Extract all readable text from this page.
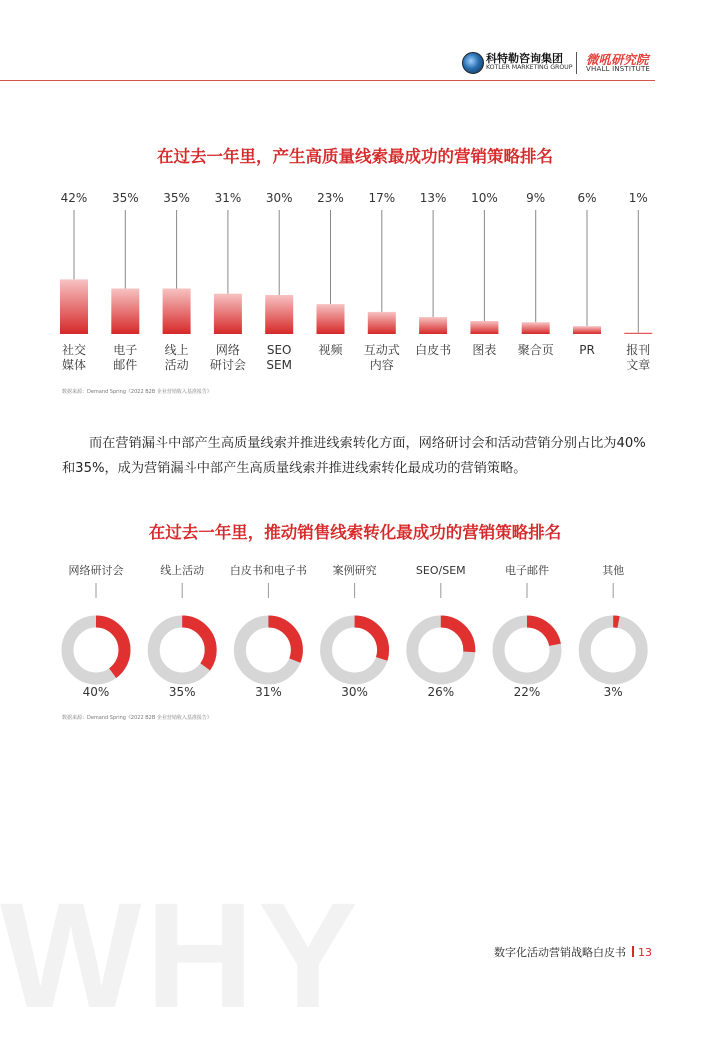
科特勒咨询集团
KOTLER MARKETING GROUP
微吼研究院
VHALL INSTITUTE
在过去一年里，产生高质量线索最成功的营销策略排名
42%
社交
媒体
35%
电子
邮件
35%
线上
活动
31%
网络
研讨会
30%
SEO
SEM
23%
视频
17%
互动式
内容
13%
白皮书
10%
图表
9%
聚合页
6%
PR
1%
报刊
文章
数据来源：Demand Spring《2022 B2B 企业营销收入基准报告》
而在营销漏斗中部产生高质量线索并推进线索转化方面，网络研讨会和活动营销分别占比为40%
和35%，成为营销漏斗中部产生高质量线索并推进线索转化最成功的营销策略。
在过去一年里，推动销售线索转化最成功的营销策略排名
网络研讨会
40%
线上活动
35%
白皮书和电子书
31%
案例研究
30%
SEO/SEM
26%
电子邮件
22%
其他
3%
数据来源：Demand Spring《2022 B2B 企业营销收入基准报告》
WHY	数字化活动营销战略白皮书 13
